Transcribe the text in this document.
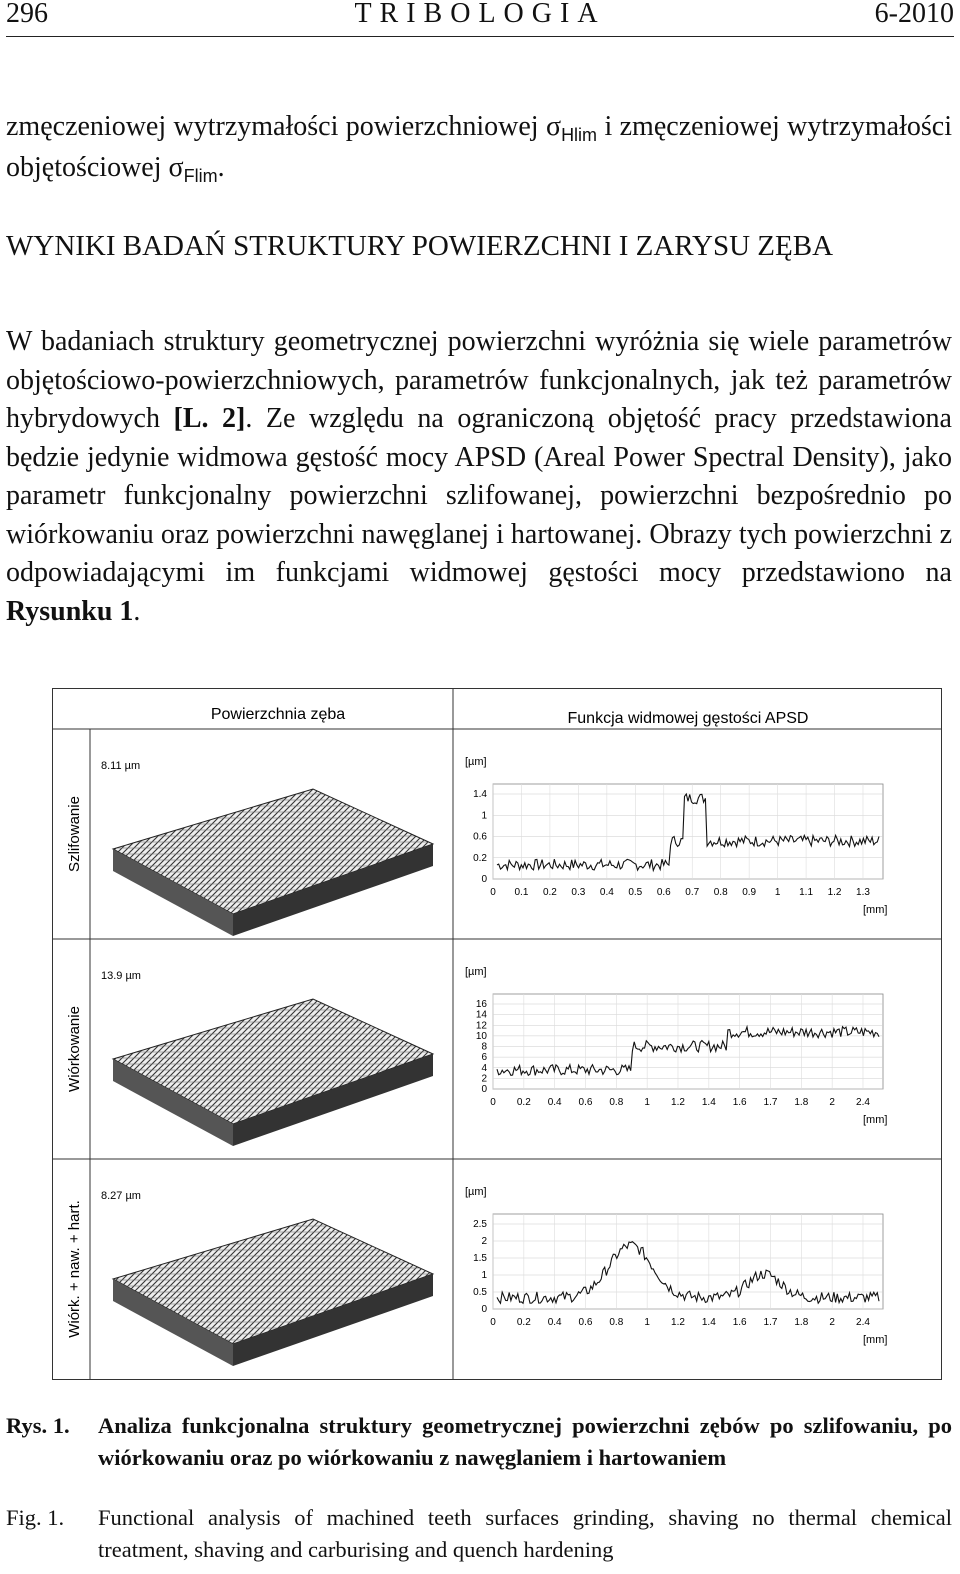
296	TRIBOLOGIA	6-2010

zmęczeniowej wytrzymałości powierzchniowej $\sigma_{Hlim}$ i zmęczeniowej wytrzymałości objętościowej $\sigma_{Flim}$.

WYNIKI BADAŃ STRUKTURY POWIERZCHNI I ZARYSU ZĘBA

W badaniach struktury geometrycznej powierzchni wyróżnia się wiele parametrów objętościowo-powierzchniowych, parametrów funkcjonalnych, jak też parametrów hybrydowych [L. 2]. Ze względu na ograniczoną objętość pracy przedstawiona będzie jedynie widmowa gęstość mocy APSD (Areal Power Spectral Density), jako parametr funkcjonalny powierzchni szlifowanej, powierzchni bezpośrednio po wiórkowaniu oraz powierzchni nawęglanej i hartowanej. Obrazy tych powierzchni z odpowiadającymi im funkcjami widmowej gęstości mocy przedstawiono na Rysunku 1.

Powierzchnia zęba	Funkcja widmowej gęstości APSD
Szlifowanie
8.11 µm	[µm]
1.4
1
0.6
0.2
0
0 0.1 0.2 0.3 0.4 0.5 0.6 0.7 0.8 0.9 1 1.1 1.2 1.3
[mm]
Wiórkowanie
13.9 µm	[µm]
16
14
12
10
8
6
4
2
0
0 0.2 0.4 0.6 0.8 1 1.2 1.4 1.6 1.7 1.8 2 2.4
[mm]
Wiórk. + naw. + hart.
8.27 µm	[µm]
2.5
2
1.5
1
0.5
0
0 0.2 0.4 0.6 0.8 1 1.2 1.4 1.6 1.7 1.8 2 2.4
[mm]
Rys. 1. Analiza funkcjonalna struktury geometrycznej powierzchni zębów po szlifowaniu, po wiórkowaniu oraz po wiórkowaniu z nawęglaniem i hartowaniem
Fig. 1. Functional analysis of machined teeth surfaces grinding, shaving no thermal chemical treatment, shaving and carburising and quench hardening
